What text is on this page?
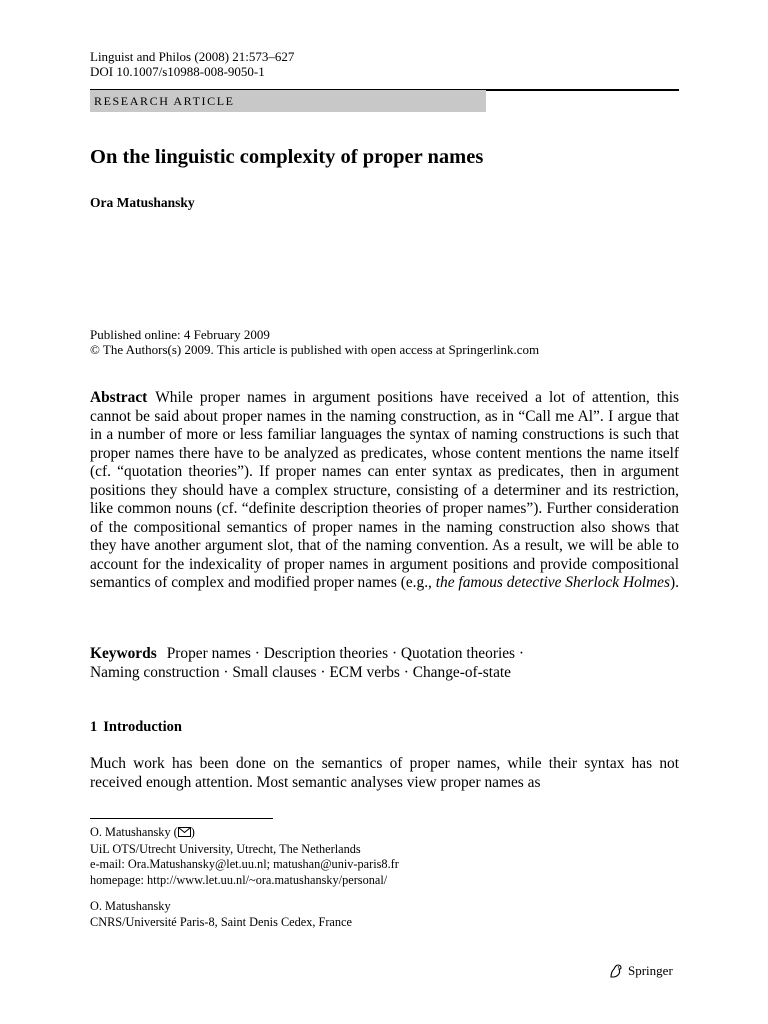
Linguist and Philos (2008) 21:573–627
DOI 10.1007/s10988-008-9050-1
RESEARCH ARTICLE
On the linguistic complexity of proper names
Ora Matushansky
Published online: 4 February 2009
© The Authors(s) 2009. This article is published with open access at Springerlink.com
Abstract While proper names in argument positions have received a lot of attention, this cannot be said about proper names in the naming construction, as in “Call me Al”. I argue that in a number of more or less familiar languages the syntax of naming constructions is such that proper names there have to be analyzed as predicates, whose content mentions the name itself (cf. “quotation theories”). If proper names can enter syntax as predicates, then in argument positions they should have a complex structure, consisting of a determiner and its restriction, like common nouns (cf. “definite description theories of proper names”). Further consideration of the compositional semantics of proper names in the naming construction also shows that they have another argument slot, that of the naming convention. As a result, we will be able to account for the indexicality of proper names in argument positions and provide compositional semantics of complex and modified proper names (e.g., the famous detective Sherlock Holmes).
Keywords Proper names · Description theories · Quotation theories ·
Naming construction · Small clauses · ECM verbs · Change-of-state
1 Introduction
Much work has been done on the semantics of proper names, while their syntax has not received enough attention. Most semantic analyses view proper names as
O. Matushansky ( )
UiL OTS/Utrecht University, Utrecht, The Netherlands
e-mail: Ora.Matushansky@let.uu.nl; matushan@univ-paris8.fr
homepage: http://www.let.uu.nl/~ora.matushansky/personal/
O. Matushansky
CNRS/Université Paris-8, Saint Denis Cedex, France
Springer
